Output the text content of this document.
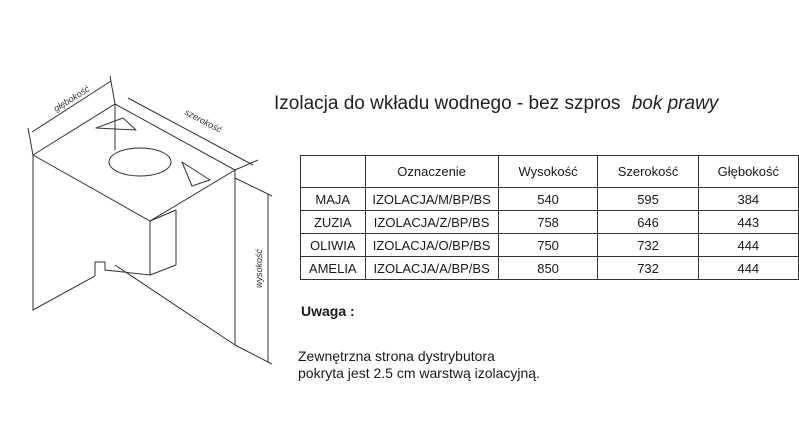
głębokość
szerokość
wysokość
Izolacja do wkładu wodnego - bez szpros bok prawy
	Oznaczenie	Wysokość	Szerokość	Głębokość
MAJA	IZOLACJA/M/BP/BS	540	595	384
ZUZIA	IZOLACJA/Z/BP/BS	758	646	443
OLIWIA	IZOLACJA/O/BP/BS	750	732	444
AMELIA	IZOLACJA/A/BP/BS	850	732	444
Uwaga :
Zewnętrzna strona dystrybutora
pokryta jest 2.5 cm warstwą izolacyjną.
